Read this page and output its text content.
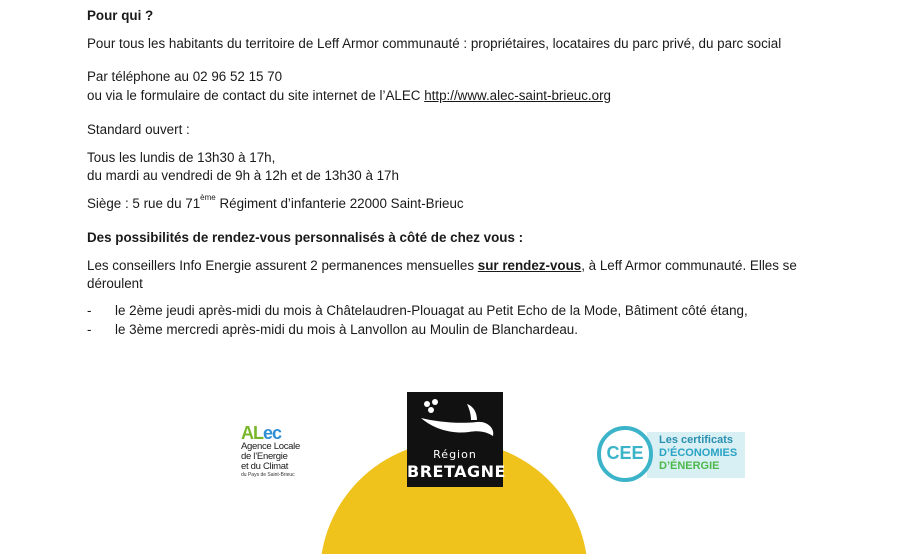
Pour qui ?
Pour tous les habitants du territoire de Leff Armor communauté : propriétaires, locataires du parc privé, du parc social
Par téléphone au 02 96 52 15 70
ou via le formulaire de contact du site internet de l’ALEC http://www.alec-saint-brieuc.org
Standard ouvert :
Tous les lundis de 13h30 à 17h,
du mardi au vendredi de 9h à 12h et de 13h30 à 17h
Siège : 5 rue du 71ème Régiment d’infanterie 22000 Saint-Brieuc
Des possibilités de rendez-vous personnalisés à côté de chez vous :
Les conseillers Info Energie assurent 2 permanences mensuelles sur rendez-vous, à Leff Armor communauté. Elles se
déroulent
- le 2ème jeudi après-midi du mois à Châtelaudren-Plouagat au Petit Echo de la Mode, Bâtiment côté étang,
- le 3ème mercredi après-midi du mois à Lanvollon au Moulin de Blanchardeau.
ALec
Agence Locale
de l’Energie
et du Climat
du Pays de Saint-Brieuc
Région
BRETAGNE
CEE
Les certificats
D’ÉCONOMIES
D’ÉNERGIE
